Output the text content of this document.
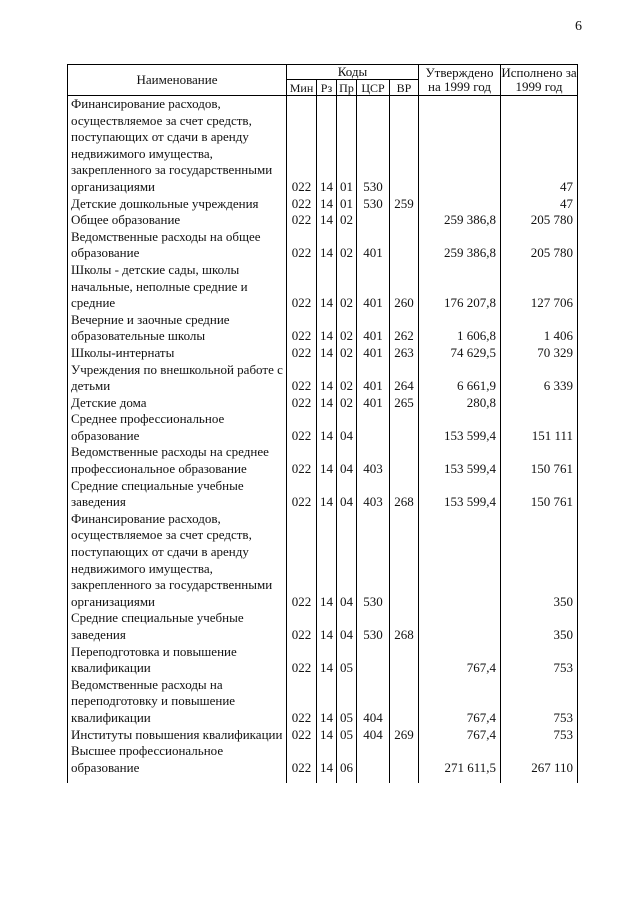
6
Наименование	Коды					Утверждено на 1999 год	Исполнено за 1999 год
	Мин	Рз	Пр	ЦСР	ВР		
Финансирование расходов, осуществляемое за счет средств, поступающих от сдачи в аренду недвижимого имущества, закрепленного за государственными организациями	022	14	01	530			47
Детские дошкольные учреждения	022	14	01	530	259		47
Общее образование	022	14	02			259 386,8	205 780
Ведомственные расходы на общее образование	022	14	02	401		259 386,8	205 780
Школы - детские сады, школы начальные, неполные средние и средние	022	14	02	401	260	176 207,8	127 706
Вечерние и заочные средние образовательные школы	022	14	02	401	262	1 606,8	1 406
Школы-интернаты	022	14	02	401	263	74 629,5	70 329
Учреждения по внешкольной работе с детьми	022	14	02	401	264	6 661,9	6 339
Детские дома	022	14	02	401	265	280,8	
Среднее профессиональное образование	022	14	04			153 599,4	151 111
Ведомственные расходы на среднее профессиональное образование	022	14	04	403		153 599,4	150 761
Средние специальные учебные заведения	022	14	04	403	268	153 599,4	150 761
Финансирование расходов, осуществляемое за счет средств, поступающих от сдачи в аренду недвижимого имущества, закрепленного за государственными организациями	022	14	04	530			350
Средние специальные учебные заведения	022	14	04	530	268		350
Переподготовка и повышение квалификации	022	14	05			767,4	753
Ведомственные расходы на переподготовку и повышение квалификации	022	14	05	404		767,4	753
Институты повышения квалификации	022	14	05	404	269	767,4	753
Высшее профессиональное образование	022	14	06			271 611,5	267 110
